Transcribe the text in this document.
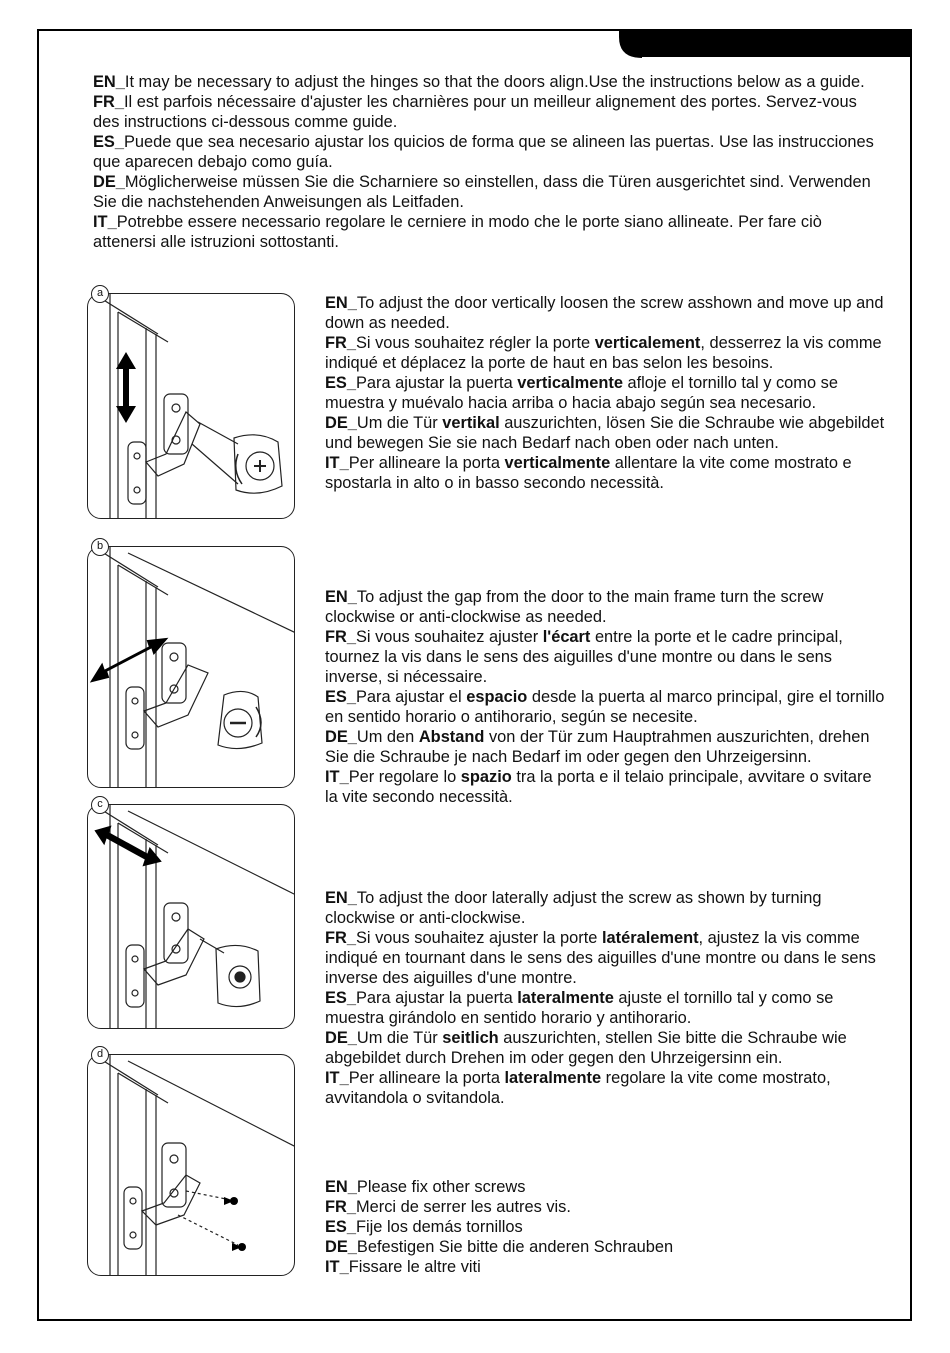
EN_It may be necessary to adjust the hinges so that the doors align.Use the instructions below as a guide.

FR_Il est parfois nécessaire d'ajuster les charnières pour un meilleur alignement des portes. Servez-vous des instructions ci-dessous comme guide.

ES_Puede que sea necesario ajustar los quicios de forma que se alineen las puertas. Use las instrucciones que aparecen debajo como guía.

DE_Möglicherweise müssen Sie die Scharniere so einstellen, dass die Türen ausgerichtet sind. Verwenden Sie die nachstehenden Anweisungen als Leitfaden.

IT_Potrebbe essere necessario regolare le cerniere in modo che le porte siano allineate. Per fare ciò attenersi alle istruzioni sottostanti.

a
b
c
d

EN_To adjust the door vertically loosen the screw asshown and move up and down as needed.

FR_Si vous souhaitez régler la porte verticalement, desserrez la vis comme indiqué et déplacez la porte de haut en bas selon les besoins.

ES_Para ajustar la puerta verticalmente afloje el tornillo tal y como se muestra y muévalo hacia arriba o hacia abajo según sea necesario.

DE_Um die Tür vertikal auszurichten, lösen Sie die Schraube wie abgebildet und bewegen Sie sie nach Bedarf nach oben oder nach unten.

IT_Per allineare la porta verticalmente allentare la vite come mostrato e spostarla in alto o in basso secondo necessità.

EN_To adjust the gap from the door to the main frame turn the screw clockwise or anti-clockwise as needed.

FR_Si vous souhaitez ajuster l'écart entre la porte et le cadre principal, tournez la vis dans le sens des aiguilles d'une montre ou dans le sens inverse, si nécessaire.

ES_Para ajustar el espacio desde la puerta al marco principal, gire el tornillo en sentido horario o antihorario, según se necesite.

DE_Um den Abstand von der Tür zum Hauptrahmen auszurichten, drehen Sie die Schraube je nach Bedarf im oder gegen den Uhrzeigersinn.

IT_Per regolare lo spazio tra la porta e il telaio principale, avvitare o svitare la vite secondo necessità.

EN_To adjust the door laterally adjust the screw as shown by turning clockwise or anti-clockwise.

FR_Si vous souhaitez ajuster la porte latéralement, ajustez la vis comme indiqué en tournant dans le sens des aiguilles d'une montre ou dans le sens inverse des aiguilles d'une montre.

ES_Para ajustar la puerta lateralmente ajuste el tornillo tal y como se muestra girándolo en sentido horario y antihorario.

DE_Um die Tür seitlich auszurichten, stellen Sie bitte die Schraube wie abgebildet durch Drehen im oder gegen den Uhrzeigersinn ein.

IT_Per allineare la porta lateralmente regolare la vite come mostrato, avvitandola o svitandola.

EN_Please fix other screws

FR_Merci de serrer les autres vis.

ES_Fije los demás tornillos

DE_Befestigen Sie bitte die anderen Schrauben

IT_Fissare le altre viti
